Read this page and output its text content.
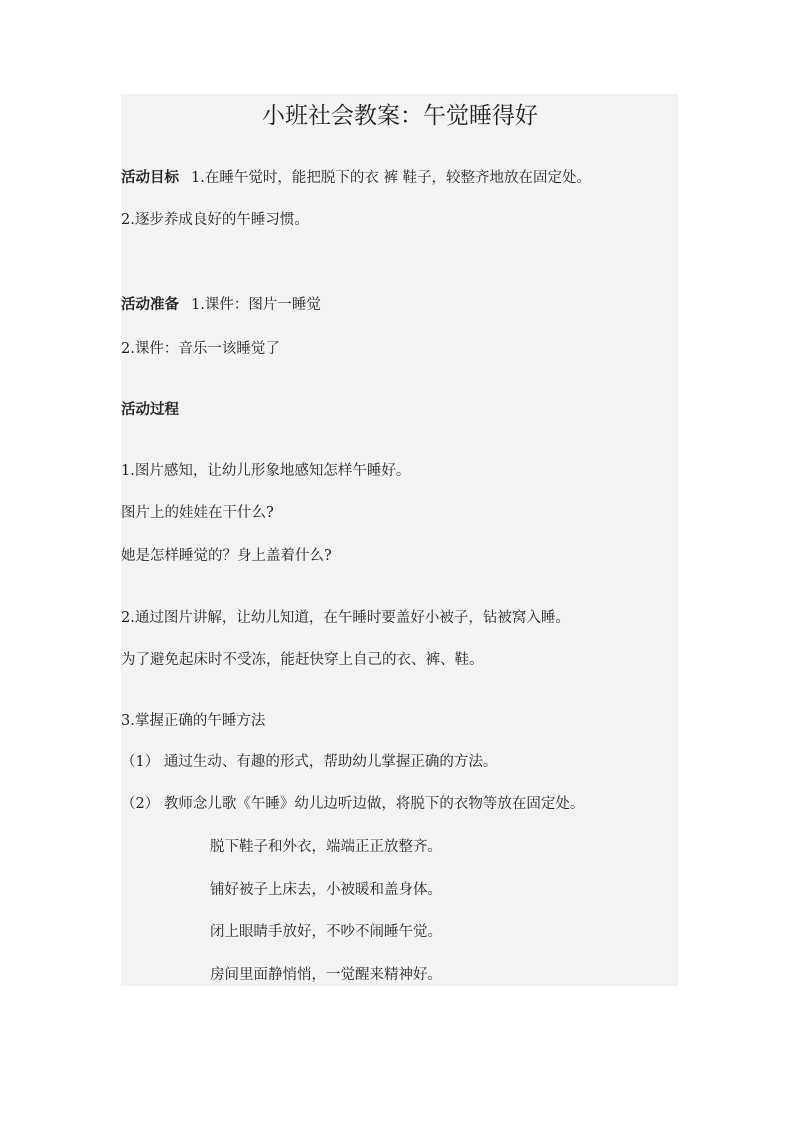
小班社会教案：午觉睡得好
活动目标 1.在睡午觉时，能把脱下的衣 裤 鞋子，较整齐地放在固定处。
2.逐步养成良好的午睡习惯。
活动准备 1.课件：图片一睡觉
2.课件：音乐一该睡觉了
活动过程
1.图片感知，让幼儿形象地感知怎样午睡好。
图片上的娃娃在干什么?
她是怎样睡觉的？身上盖着什么?
2.通过图片讲解，让幼儿知道，在午睡时要盖好小被子，钻被窝入睡。
为了避免起床时不受冻，能赶快穿上自己的衣、裤、鞋。
3.掌握正确的午睡方法
（1） 通过生动、有趣的形式，帮助幼儿掌握正确的方法。
（2） 教师念儿歌《午睡》幼儿边听边做，将脱下的衣物等放在固定处。
脱下鞋子和外衣，端端正正放整齐。
铺好被子上床去，小被暖和盖身体。
闭上眼睛手放好，不吵不闹睡午觉。
房间里面静悄悄，一觉醒来精神好。
